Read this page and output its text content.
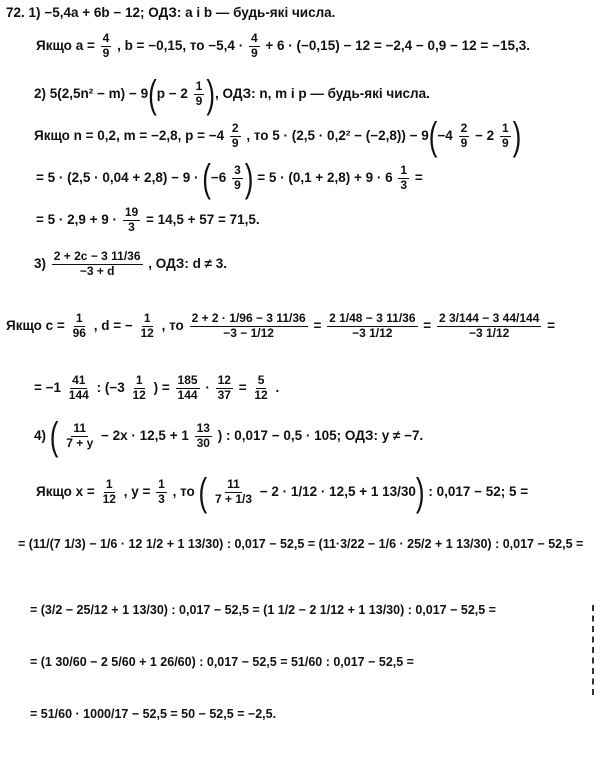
72. 1) −5,4a + 6b − 12; ОДЗ: a і b — будь-які числа.
Якщо $a = \frac{4}{9}$ , b = −0,15, то $-5,4 \cdot \frac{4}{9} + 6 \cdot (-0,15) - 12 = -2,4 - 0,9 - 12 = -15,3$.
2) $5(2,5n^2 - m) - 9(p - 2 \frac{1}{9}$ ), ОДЗ: n, m і p — будь-які числа.
Якщо n = 0,2, m = −2,8, $p = -4 \frac{2}{9}$ , то $5 \cdot (2,5 \cdot 0,2^2 - (-2,8)) - 9(-4 \frac{2}{9} - 2 \frac{1}{9}$ )
= $5 \cdot (2,5 \cdot 0,04 + 2,8) - 9 \cdot (-6 \frac{3}{9}$ ) = $5 \cdot (0,1 + 2,8) + 9 \cdot 6 \frac{1}{3}$ =
= $5 \cdot 2,9 + 9 \cdot \frac{19}{3} = 14,5 + 57 = 71,5$.
$3) \frac{2 + 2c - 3 11/36}{-3 + d}$ , ОДЗ: d ≠ 3.
Якщо $c = \frac{1}{96}$ , d = − $\frac{1}{12}$ , то $\frac{2 + 2 \cdot 1/96 - 3 11/36}{-3 - 1/12} = \frac{2 1/48 - 3 11/36}{-3 1/12} = \frac{2 3/144 - 3 44/144}{-3 1/12}$ =
= $-1 \frac{41}{144}$ : ($-3 \frac{1}{12}$ ) = $\frac{185}{144} \cdot \frac{12}{37} = \frac{5}{12}$ .
4) ( $\frac{11}{7 + y} - 2x \cdot 12,5 + 1 \frac{13}{30}$ ) : 0,017 − 0,5 · 105; ОДЗ: y ≠ −7.
Якщо $x = \frac{1}{12}$ , $y = \frac{1}{3}$ , то ( $\frac{11}{7 + 1/3} - 2 \cdot 1/12 \cdot 12,5 + 1$ 13/30) : 0,017 − 52; 5 =
= (11/(7 1/3) − 1/6 · 12 1/2 + 1 13/30) : 0,017 − 52,5 = (11·3/22 − 1/6 · 25/2 + 1 13/30) : 0,017 − 52,5 =
= (3/2 − 25/12 + 1 13/30) : 0,017 − 52,5 = (1 1/2 − 2 1/12 + 1 13/30) : 0,017 − 52,5 =
= (1 30/60 − 2 5/60 + 1 26/60) : 0,017 − 52,5 = 51/60 : 0,017 − 52,5 =
= 51/60 · 1000/17 − 52,5 = 50 − 52,5 = −2,5.
